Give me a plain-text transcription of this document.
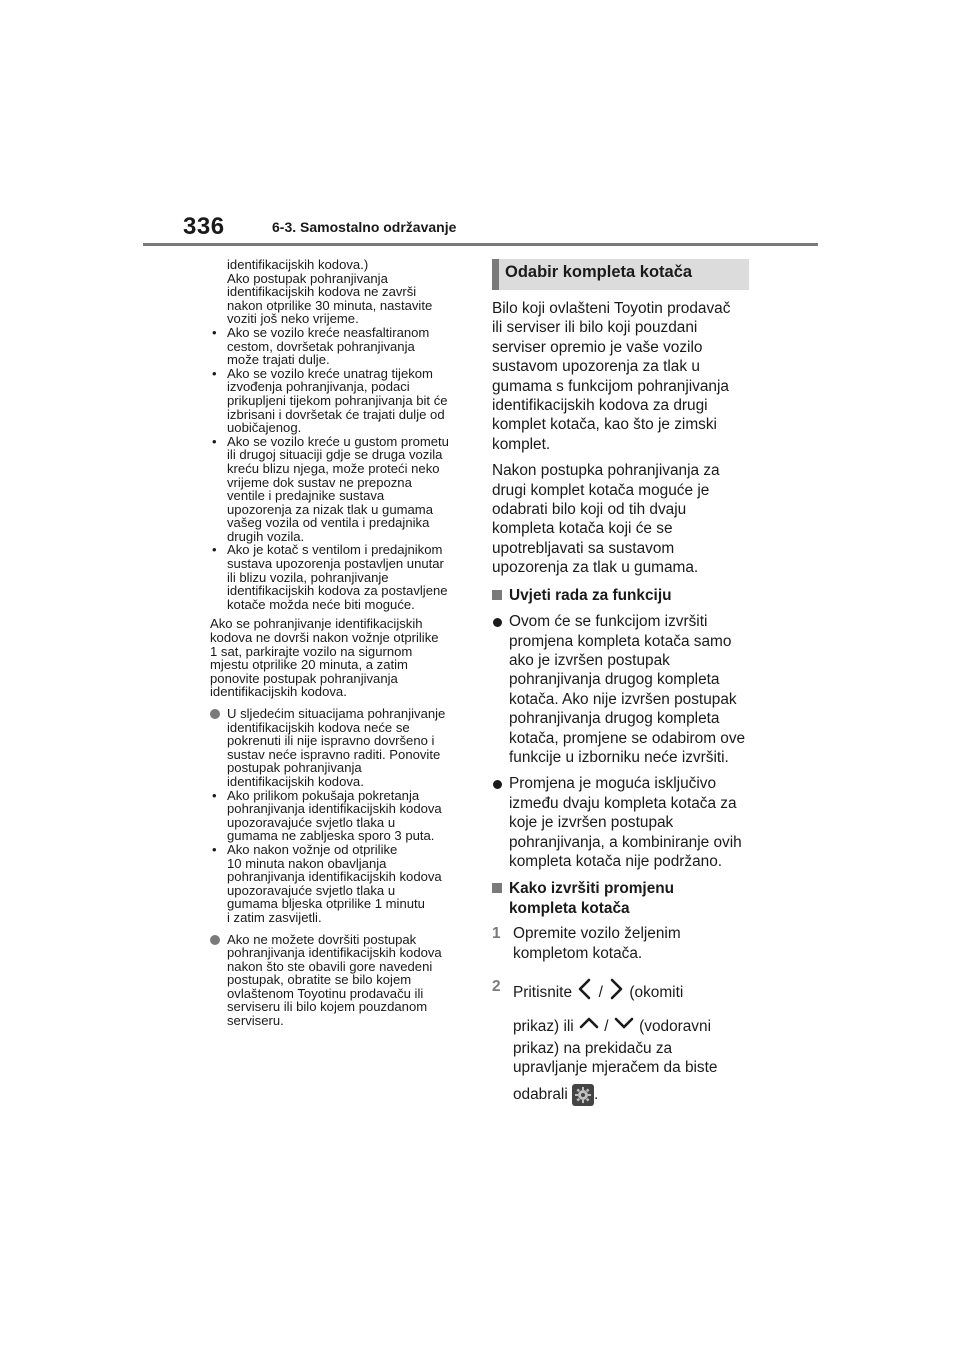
336	6-3. Samostalno održavanje

identifikacijskih kodova.)

Ako postupak pohranjivanja

identifikacijskih kodova ne završi

nakon otprilike 30 minuta, nastavite

voziti još neko vrijeme.

• Ako se vozilo kreće neasfaltiranom

cestom, dovršetak pohranjivanja

može trajati dulje.

• Ako se vozilo kreće unatrag tijekom

izvođenja pohranjivanja, podaci

prikupljeni tijekom pohranjivanja bit će

izbrisani i dovršetak će trajati dulje od

uobičajenog.

• Ako se vozilo kreće u gustom prometu

ili drugoj situaciji gdje se druga vozila

kreću blizu njega, može proteći neko

vrijeme dok sustav ne prepozna

ventile i predajnike sustava

upozorenja za nizak tlak u gumama

vašeg vozila od ventila i predajnika

drugih vozila.

• Ako je kotač s ventilom i predajnikom

sustava upozorenja postavljen unutar

ili blizu vozila, pohranjivanje

identifikacijskih kodova za postavljene

kotače možda neće biti moguće.

Ako se pohranjivanje identifikacijskih

kodova ne dovrši nakon vožnje otprilike

1 sat, parkirajte vozilo na sigurnom

mjestu otprilike 20 minuta, a zatim

ponovite postupak pohranjivanja

identifikacijskih kodova.

U sljedećim situacijama pohranjivanje

identifikacijskih kodova neće se

pokrenuti ili nije ispravno dovršeno i

sustav neće ispravno raditi. Ponovite

postupak pohranjivanja

identifikacijskih kodova.

• Ako prilikom pokušaja pokretanja

pohranjivanja identifikacijskih kodova

upozoravajuće svjetlo tlaka u

gumama ne zabljeska sporo 3 puta.

• Ako nakon vožnje od otprilike

10 minuta nakon obavljanja

pohranjivanja identifikacijskih kodova

upozoravajuće svjetlo tlaka u

gumama bljeska otprilike 1 minutu

i zatim zasvijetli.

Ako ne možete dovršiti postupak

pohranjivanja identifikacijskih kodova

nakon što ste obavili gore navedeni

postupak, obratite se bilo kojem

ovlaštenom Toyotinu prodavaču ili

serviseru ili bilo kojem pouzdanom

serviseru.

Odabir kompleta kotača

Bilo koji ovlašteni Toyotin prodavač

ili serviser ili bilo koji pouzdani

serviser opremio je vaše vozilo

sustavom upozorenja za tlak u

gumama s funkcijom pohranjivanja

identifikacijskih kodova za drugi

komplet kotača, kao što je zimski

komplet.

Nakon postupka pohranjivanja za

drugi komplet kotača moguće je

odabrati bilo koji od tih dvaju

kompleta kotača koji će se

upotrebljavati sa sustavom

upozorenja za tlak u gumama.

Uvjeti rada za funkciju

Ovom će se funkcijom izvršiti

promjena kompleta kotača samo

ako je izvršen postupak

pohranjivanja drugog kompleta

kotača. Ako nije izvršen postupak

pohranjivanja drugog kompleta

kotača, promjene se odabirom ove

funkcije u izborniku neće izvršiti.

Promjena je moguća isključivo

između dvaju kompleta kotača za

koje je izvršen postupak

pohranjivanja, a kombiniranje ovih

kompleta kotača nije podržano.

Kako izvršiti promjenu

kompleta kotača

1 Opremite vozilo željenim

kompletom kotača.

2 Pritisnite / (okomiti

prikaz) ili / (vodoravni

prikaz) na prekidaču za

upravljanje mjeračem da biste

odabrali .
